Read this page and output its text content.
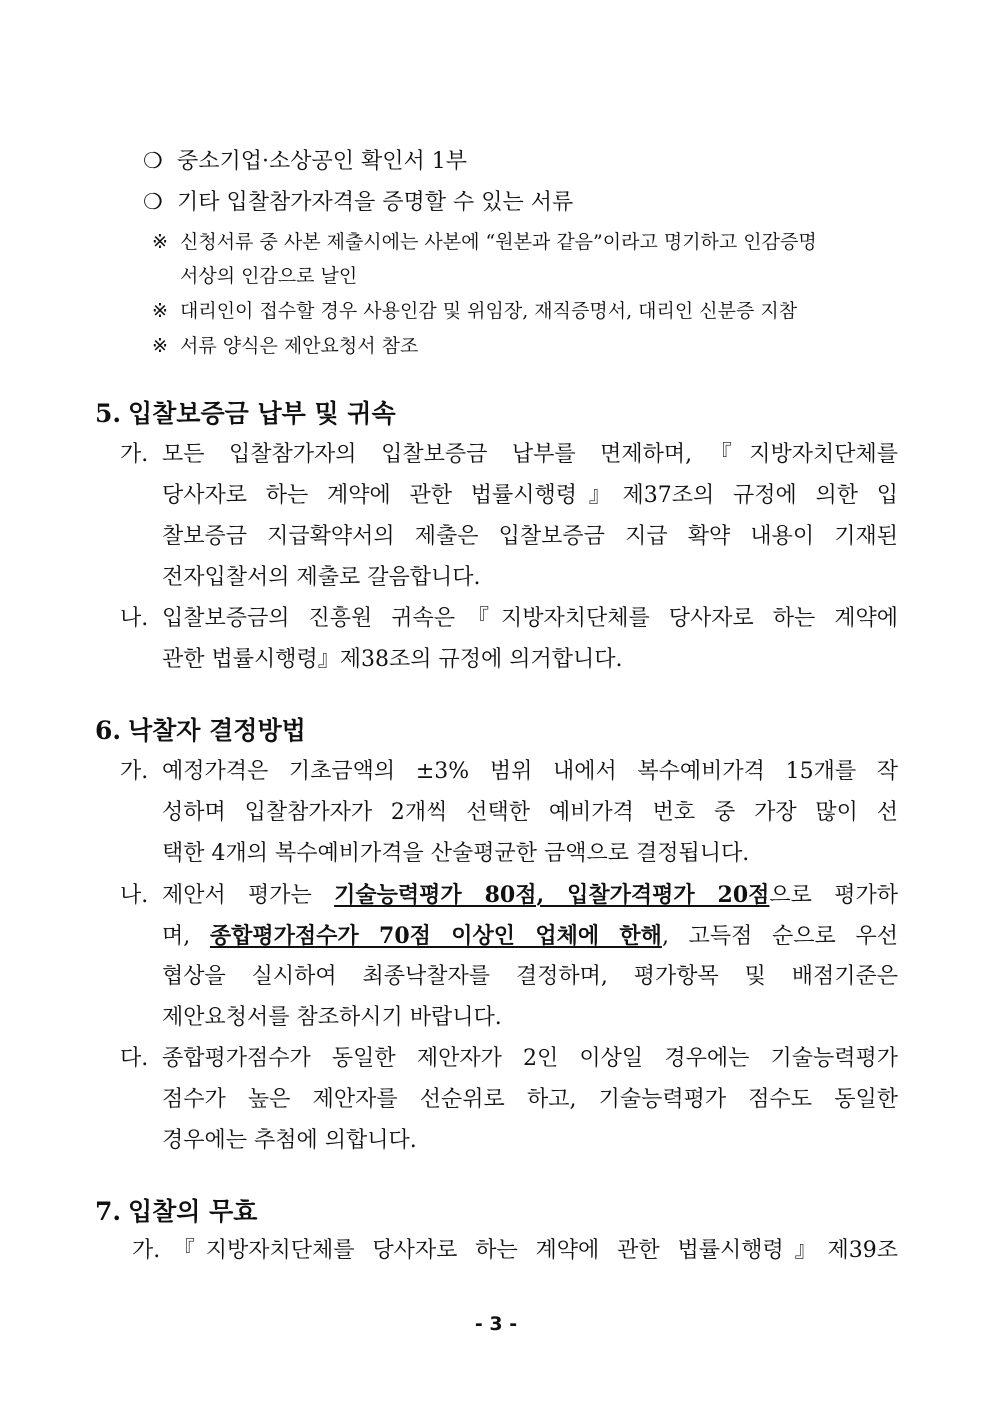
❍ 중소기업·소상공인 확인서 1부
❍ 기타 입찰참가자격을 증명할 수 있는 서류
※ 신청서류 중 사본 제출시에는 사본에 “원본과 같음”이라고 명기하고 인감증명
서상의 인감으로 날인
※ 대리인이 접수할 경우 사용인감 및 위임장, 재직증명서, 대리인 신분증 지참
※ 서류 양식은 제안요청서 참조
5. 입찰보증금 납부 및 귀속
가. 모든 입찰참가자의 입찰보증금 납부를 면제하며,『지방자치단체를
당사자로 하는 계약에 관한 법률시행령』제37조의 규정에 의한 입
찰보증금 지급확약서의 제출은 입찰보증금 지급 확약 내용이 기재된
전자입찰서의 제출로 갈음합니다.
나. 입찰보증금의 진흥원 귀속은『지방자치단체를 당사자로 하는 계약에
관한 법률시행령』제38조의 규정에 의거합니다.
6. 낙찰자 결정방법
가. 예정가격은 기초금액의 ±3% 범위 내에서 복수예비가격 15개를 작
성하며 입찰참가자가 2개씩 선택한 예비가격 번호 중 가장 많이 선
택한 4개의 복수예비가격을 산술평균한 금액으로 결정됩니다.
나. 제안서 평가는 기술능력평가 80점, 입찰가격평가 20점으로 평가하
며, 종합평가점수가 70점 이상인 업체에 한해, 고득점 순으로 우선
협상을 실시하여 최종낙찰자를 결정하며, 평가항목 및 배점기준은
제안요청서를 참조하시기 바랍니다.
다. 종합평가점수가 동일한 제안자가 2인 이상일 경우에는 기술능력평가
점수가 높은 제안자를 선순위로 하고, 기술능력평가 점수도 동일한
경우에는 추첨에 의합니다.
7. 입찰의 무효
가.『지방자치단체를 당사자로 하는 계약에 관한 법률시행령』제39조
- 3 -
